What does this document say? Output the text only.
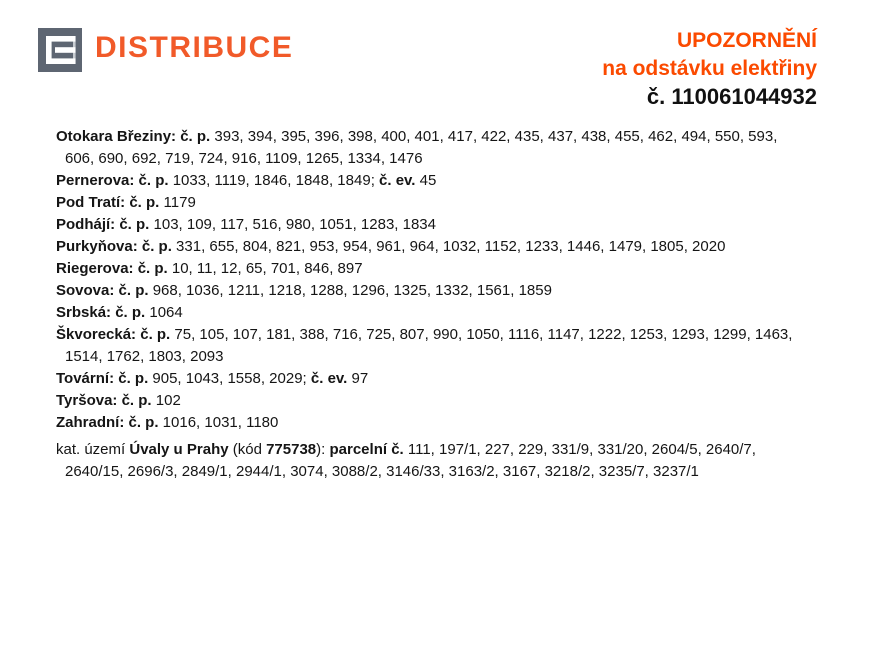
DISTRIBUCE	UPOZORNĚNÍ
na odstávku elektřiny
č. 110061044932

Otokara Březiny: č. p. 393, 394, 395, 396, 398, 400, 401, 417, 422, 435, 437, 438, 455, 462, 494, 550, 593, 606, 690, 692, 719, 724, 916, 1109, 1265, 1334, 1476

Pernerova: č. p. 1033, 1119, 1846, 1848, 1849; č. ev. 45

Pod Tratí: č. p. 1179

Podhájí: č. p. 103, 109, 117, 516, 980, 1051, 1283, 1834

Purkyňova: č. p. 331, 655, 804, 821, 953, 954, 961, 964, 1032, 1152, 1233, 1446, 1479, 1805, 2020

Riegerova: č. p. 10, 11, 12, 65, 701, 846, 897

Sovova: č. p. 968, 1036, 1211, 1218, 1288, 1296, 1325, 1332, 1561, 1859

Srbská: č. p. 1064

Škvorecká: č. p. 75, 105, 107, 181, 388, 716, 725, 807, 990, 1050, 1116, 1147, 1222, 1253, 1293, 1299, 1463, 1514, 1762, 1803, 2093

Tovární: č. p. 905, 1043, 1558, 2029; č. ev. 97

Tyršova: č. p. 102

Zahradní: č. p. 1016, 1031, 1180

kat. území Úvaly u Prahy (kód 775738): parcelní č. 111, 197/1, 227, 229, 331/9, 331/20, 2604/5, 2640/7, 2640/15, 2696/3, 2849/1, 2944/1, 3074, 3088/2, 3146/33, 3163/2, 3167, 3218/2, 3235/7, 3237/1
